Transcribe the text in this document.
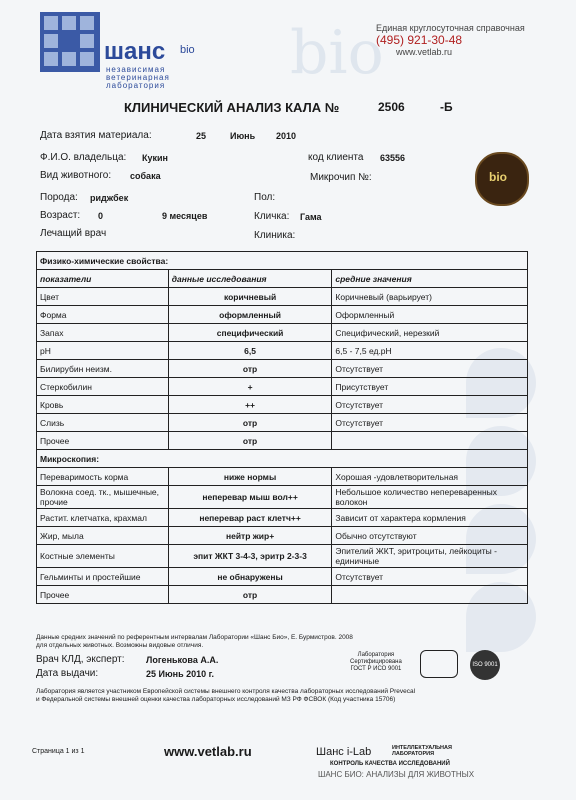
шанс bio
независимая
ветеринарная
лаборатория bio
Единая круглосуточная справочная
(495) 921-30-48
www.vetlab.ru
КЛИНИЧЕСКИЙ АНАЛИЗ КАЛА №	2506	-Б
Дата взятия материала:	25	Июнь 2010
Ф.И.О. владельца: Кукин	код клиента 63556
Вид животного: собака	Микрочип №:	bio
Порода: риджбек	Пол:
Возраст: 0	9 месяцев	Кличка: Гама
Лечащий врач	Клиника:
Физико-химические свойства:		
показатели	данные исследования	средние значения
Цвет	коричневый	Коричневый (варьирует)
Форма	оформленный	Оформленный
Запах	специфический	Специфический, нерезкий
pH	6,5	6,5 - 7,5 ед.pH
Билирубин неизм.	отр	Отсутствует
Стеркобилин	+	Присутствует
Кровь	++	Отсутствует
Слизь	отр	Отсутствует
Прочее	отр	
Микроскопия:		
Переваримость корма	ниже нормы	Хорошая -удовлетворительная
Волокна соед. тк., мышечные, прочие	неперевар мыш вол++	Небольшое количество непереваренных волокон
Растит. клетчатка, крахмал	неперевар раст клетч++	Зависит от характера кормления
Жир, мыла	нейтр жир+	Обычно отсутствуют
Костные элементы	эпит ЖКТ 3-4-3, эритр 2-3-3	Эпителий ЖКТ, эритроциты, лейкоциты - единичные
Гельминты и простейшие	не обнаружены	Отсутствует
Прочее	отр	
Данные средних значений по референтным интервалам Лаборатории «Шанс Био», Е. Бурмистров. 2008
для отдельных животных. Возможны видовые отличия.
Врач КЛД, эксперт: Логенькова А.А.
Дата выдачи:	25 Июнь 2010 г.
Лаборатория
Сертифицирована
ГОСТ Р ИСО 9001
ISO 9001
Лаборатория является участником Европейской системы внешнего контроля качества лабораторных исследований Prevecal
и Федеральной системы внешней оценки качества лабораторных исследований МЗ РФ ФСВОК (Код участника 15706)
Страница 1 из 1	www.vetlab.ru	Шанс i-Lab	ИНТЕЛЛЕКТУАЛЬНАЯ
ЛАБОРАТОРИЯ
КОНТРОЛЬ КАЧЕСТВА ИССЛЕДОВАНИЙ
ШАНС БИО: АНАЛИЗЫ ДЛЯ ЖИВОТНЫХ
